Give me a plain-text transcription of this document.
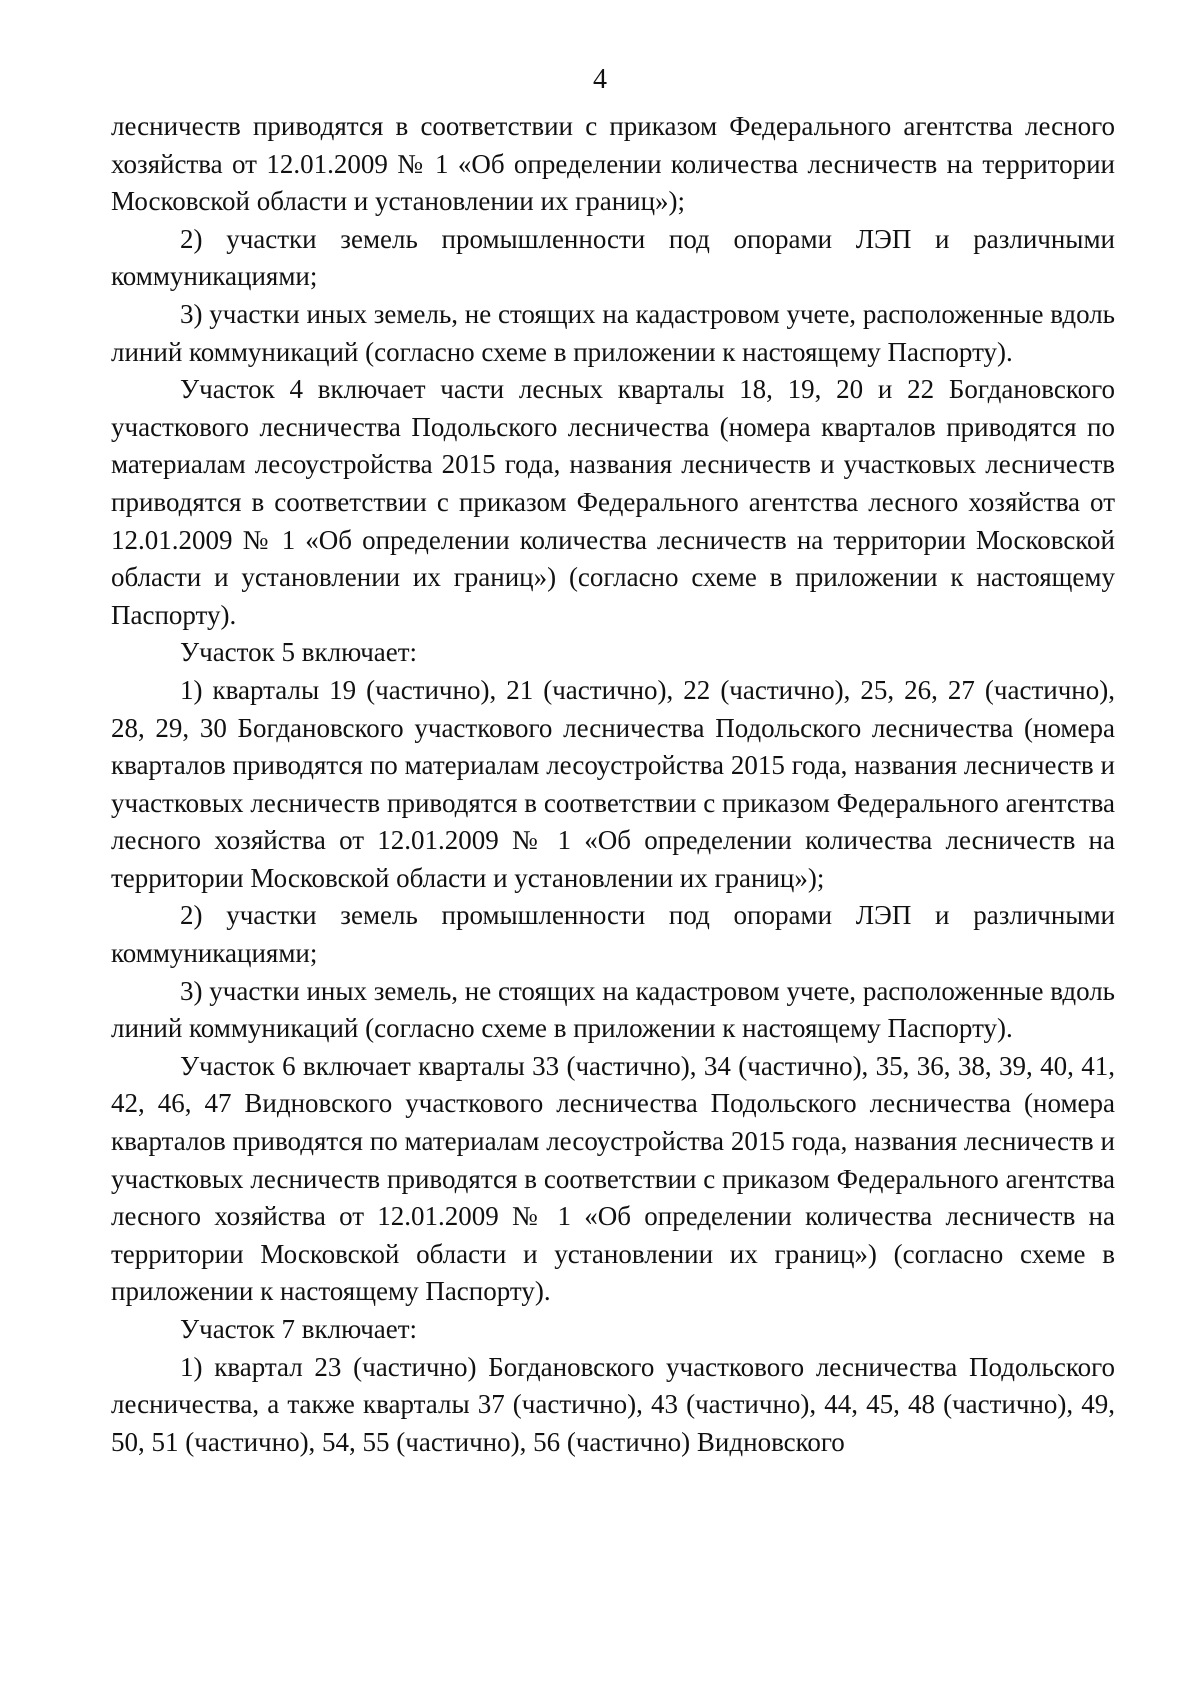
4

лесничеств приводятся в соответствии с приказом Федерального агентства лесного хозяйства от 12.01.2009 № 1 «Об определении количества лесничеств на территории Московской области и установлении их границ»);

2) участки земель промышленности под опорами ЛЭП и различными коммуникациями;

3) участки иных земель, не стоящих на кадастровом учете, расположенные вдоль линий коммуникаций (согласно схеме в приложении к настоящему Паспорту).

Участок 4 включает части лесных кварталы 18, 19, 20 и 22 Богдановского участкового лесничества Подольского лесничества (номера кварталов приводятся по материалам лесоустройства 2015 года, названия лесничеств и участковых лесничеств приводятся в соответствии с приказом Федерального агентства лесного хозяйства от 12.01.2009 № 1 «Об определении количества лесничеств на территории Московской области и установлении их границ») (согласно схеме в приложении к настоящему Паспорту).

Участок 5 включает:

1) кварталы 19 (частично), 21 (частично), 22 (частично), 25, 26, 27 (частично), 28, 29, 30 Богдановского участкового лесничества Подольского лесничества (номера кварталов приводятся по материалам лесоустройства 2015 года, названия лесничеств и участковых лесничеств приводятся в соответствии с приказом Федерального агентства лесного хозяйства от 12.01.2009 № 1 «Об определении количества лесничеств на территории Московской области и установлении их границ»);

2) участки земель промышленности под опорами ЛЭП и различными коммуникациями;

3) участки иных земель, не стоящих на кадастровом учете, расположенные вдоль линий коммуникаций (согласно схеме в приложении к настоящему Паспорту).

Участок 6 включает кварталы 33 (частично), 34 (частично), 35, 36, 38, 39, 40, 41, 42, 46, 47 Видновского участкового лесничества Подольского лесничества (номера кварталов приводятся по материалам лесоустройства 2015 года, названия лесничеств и участковых лесничеств приводятся в соответствии с приказом Федерального агентства лесного хозяйства от 12.01.2009 № 1 «Об определении количества лесничеств на территории Московской области и установлении их границ») (согласно схеме в приложении к настоящему Паспорту).

Участок 7 включает:

1) квартал 23 (частично) Богдановского участкового лесничества Подольского лесничества, а также кварталы 37 (частично), 43 (частично), 44, 45, 48 (частично), 49, 50, 51 (частично), 54, 55 (частично), 56 (частично) Видновского
